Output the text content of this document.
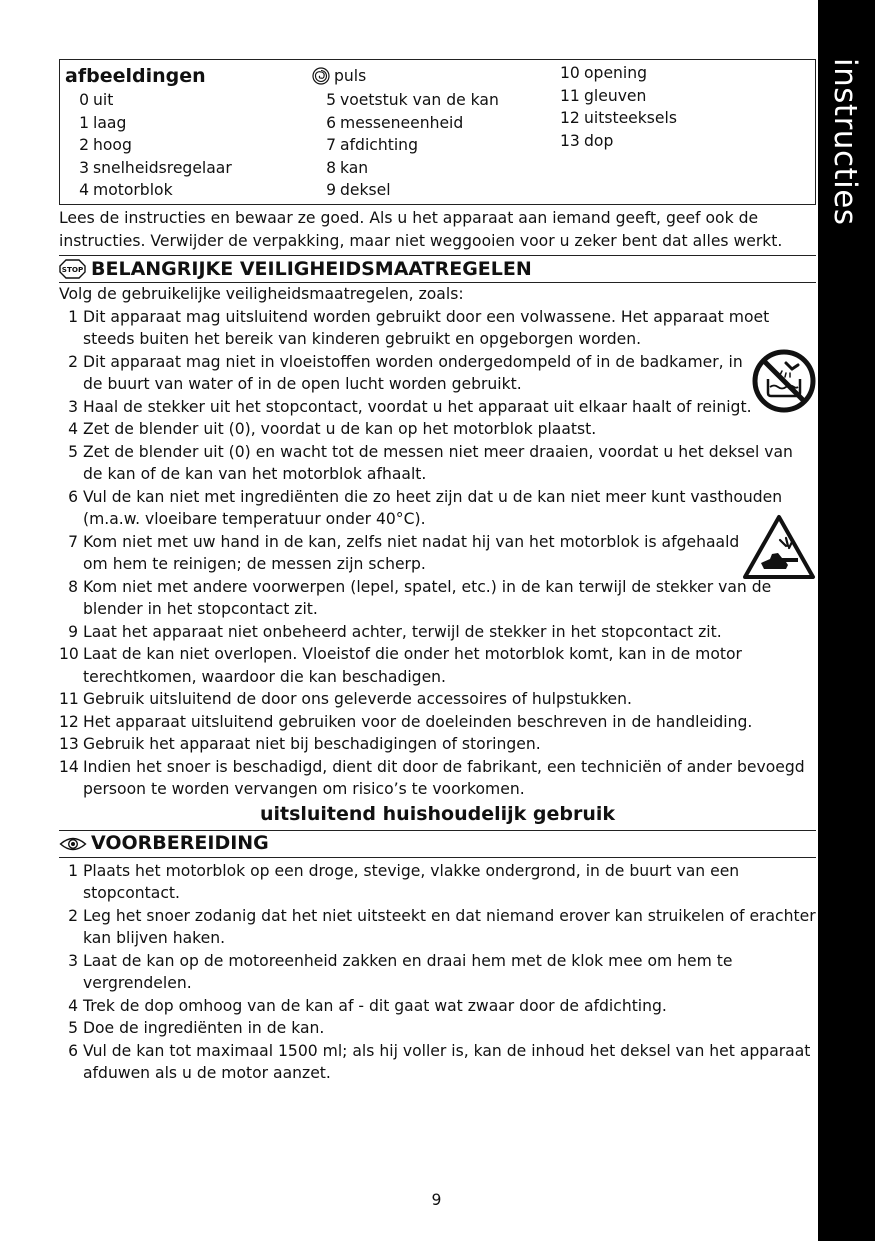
instructies
afbeeldingen
0 uit
1 laag
2 hoog
3 snelheidsregelaar
4 motorblok
puls
5 voetstuk van de kan
6 messeneenheid
7 afdichting
8 kan
9 deksel
10 opening
11 gleuven
12 uitsteeksels
13 dop
Lees de instructies en bewaar ze goed. Als u het apparaat aan iemand geeft, geef ook de instructies. Verwijder de verpakking, maar niet weggooien voor u zeker bent dat alles werkt.
STOP BELANGRIJKE VEILIGHEIDSMAATREGELEN
Volg de gebruikelijke veiligheidsmaatregelen, zoals:
1 Dit apparaat mag uitsluitend worden gebruikt door een volwassene. Het apparaat moet steeds buiten het bereik van kinderen gebruikt en opgeborgen worden.
2 Dit apparaat mag niet in vloeistoffen worden ondergedompeld of in de badkamer, in de buurt van water of in de open lucht worden gebruikt.
3 Haal de stekker uit het stopcontact, voordat u het apparaat uit elkaar haalt of reinigt.
4 Zet de blender uit (0), voordat u de kan op het motorblok plaatst.
5 Zet de blender uit (0) en wacht tot de messen niet meer draaien, voordat u het deksel van de kan of de kan van het motorblok afhaalt.
6 Vul de kan niet met ingrediënten die zo heet zijn dat u de kan niet meer kunt vasthouden (m.a.w. vloeibare temperatuur onder 40°C).
7 Kom niet met uw hand in de kan, zelfs niet nadat hij van het motorblok is afgehaald om hem te reinigen; de messen zijn scherp.
8 Kom niet met andere voorwerpen (lepel, spatel, etc.) in de kan terwijl de stekker van de blender in het stopcontact zit.
9 Laat het apparaat niet onbeheerd achter, terwijl de stekker in het stopcontact zit.
10 Laat de kan niet overlopen. Vloeistof die onder het motorblok komt, kan in de motor terechtkomen, waardoor die kan beschadigen.
11 Gebruik uitsluitend de door ons geleverde accessoires of hulpstukken.
12 Het apparaat uitsluitend gebruiken voor de doeleinden beschreven in de handleiding.
13 Gebruik het apparaat niet bij beschadigingen of storingen.
14 Indien het snoer is beschadigd, dient dit door de fabrikant, een techniciën of ander bevoegd persoon te worden vervangen om risico’s te voorkomen.
uitsluitend huishoudelijk gebruik
VOORBEREIDING
1 Plaats het motorblok op een droge, stevige, vlakke ondergrond, in de buurt van een stopcontact.
2 Leg het snoer zodanig dat het niet uitsteekt en dat niemand erover kan struikelen of erachter kan blijven haken.
3 Laat de kan op de motoreenheid zakken en draai hem met de klok mee om hem te vergrendelen.
4 Trek de dop omhoog van de kan af - dit gaat wat zwaar door de afdichting.
5 Doe de ingrediënten in de kan.
6 Vul de kan tot maximaal 1500 ml; als hij voller is, kan de inhoud het deksel van het apparaat afduwen als u de motor aanzet.
9
